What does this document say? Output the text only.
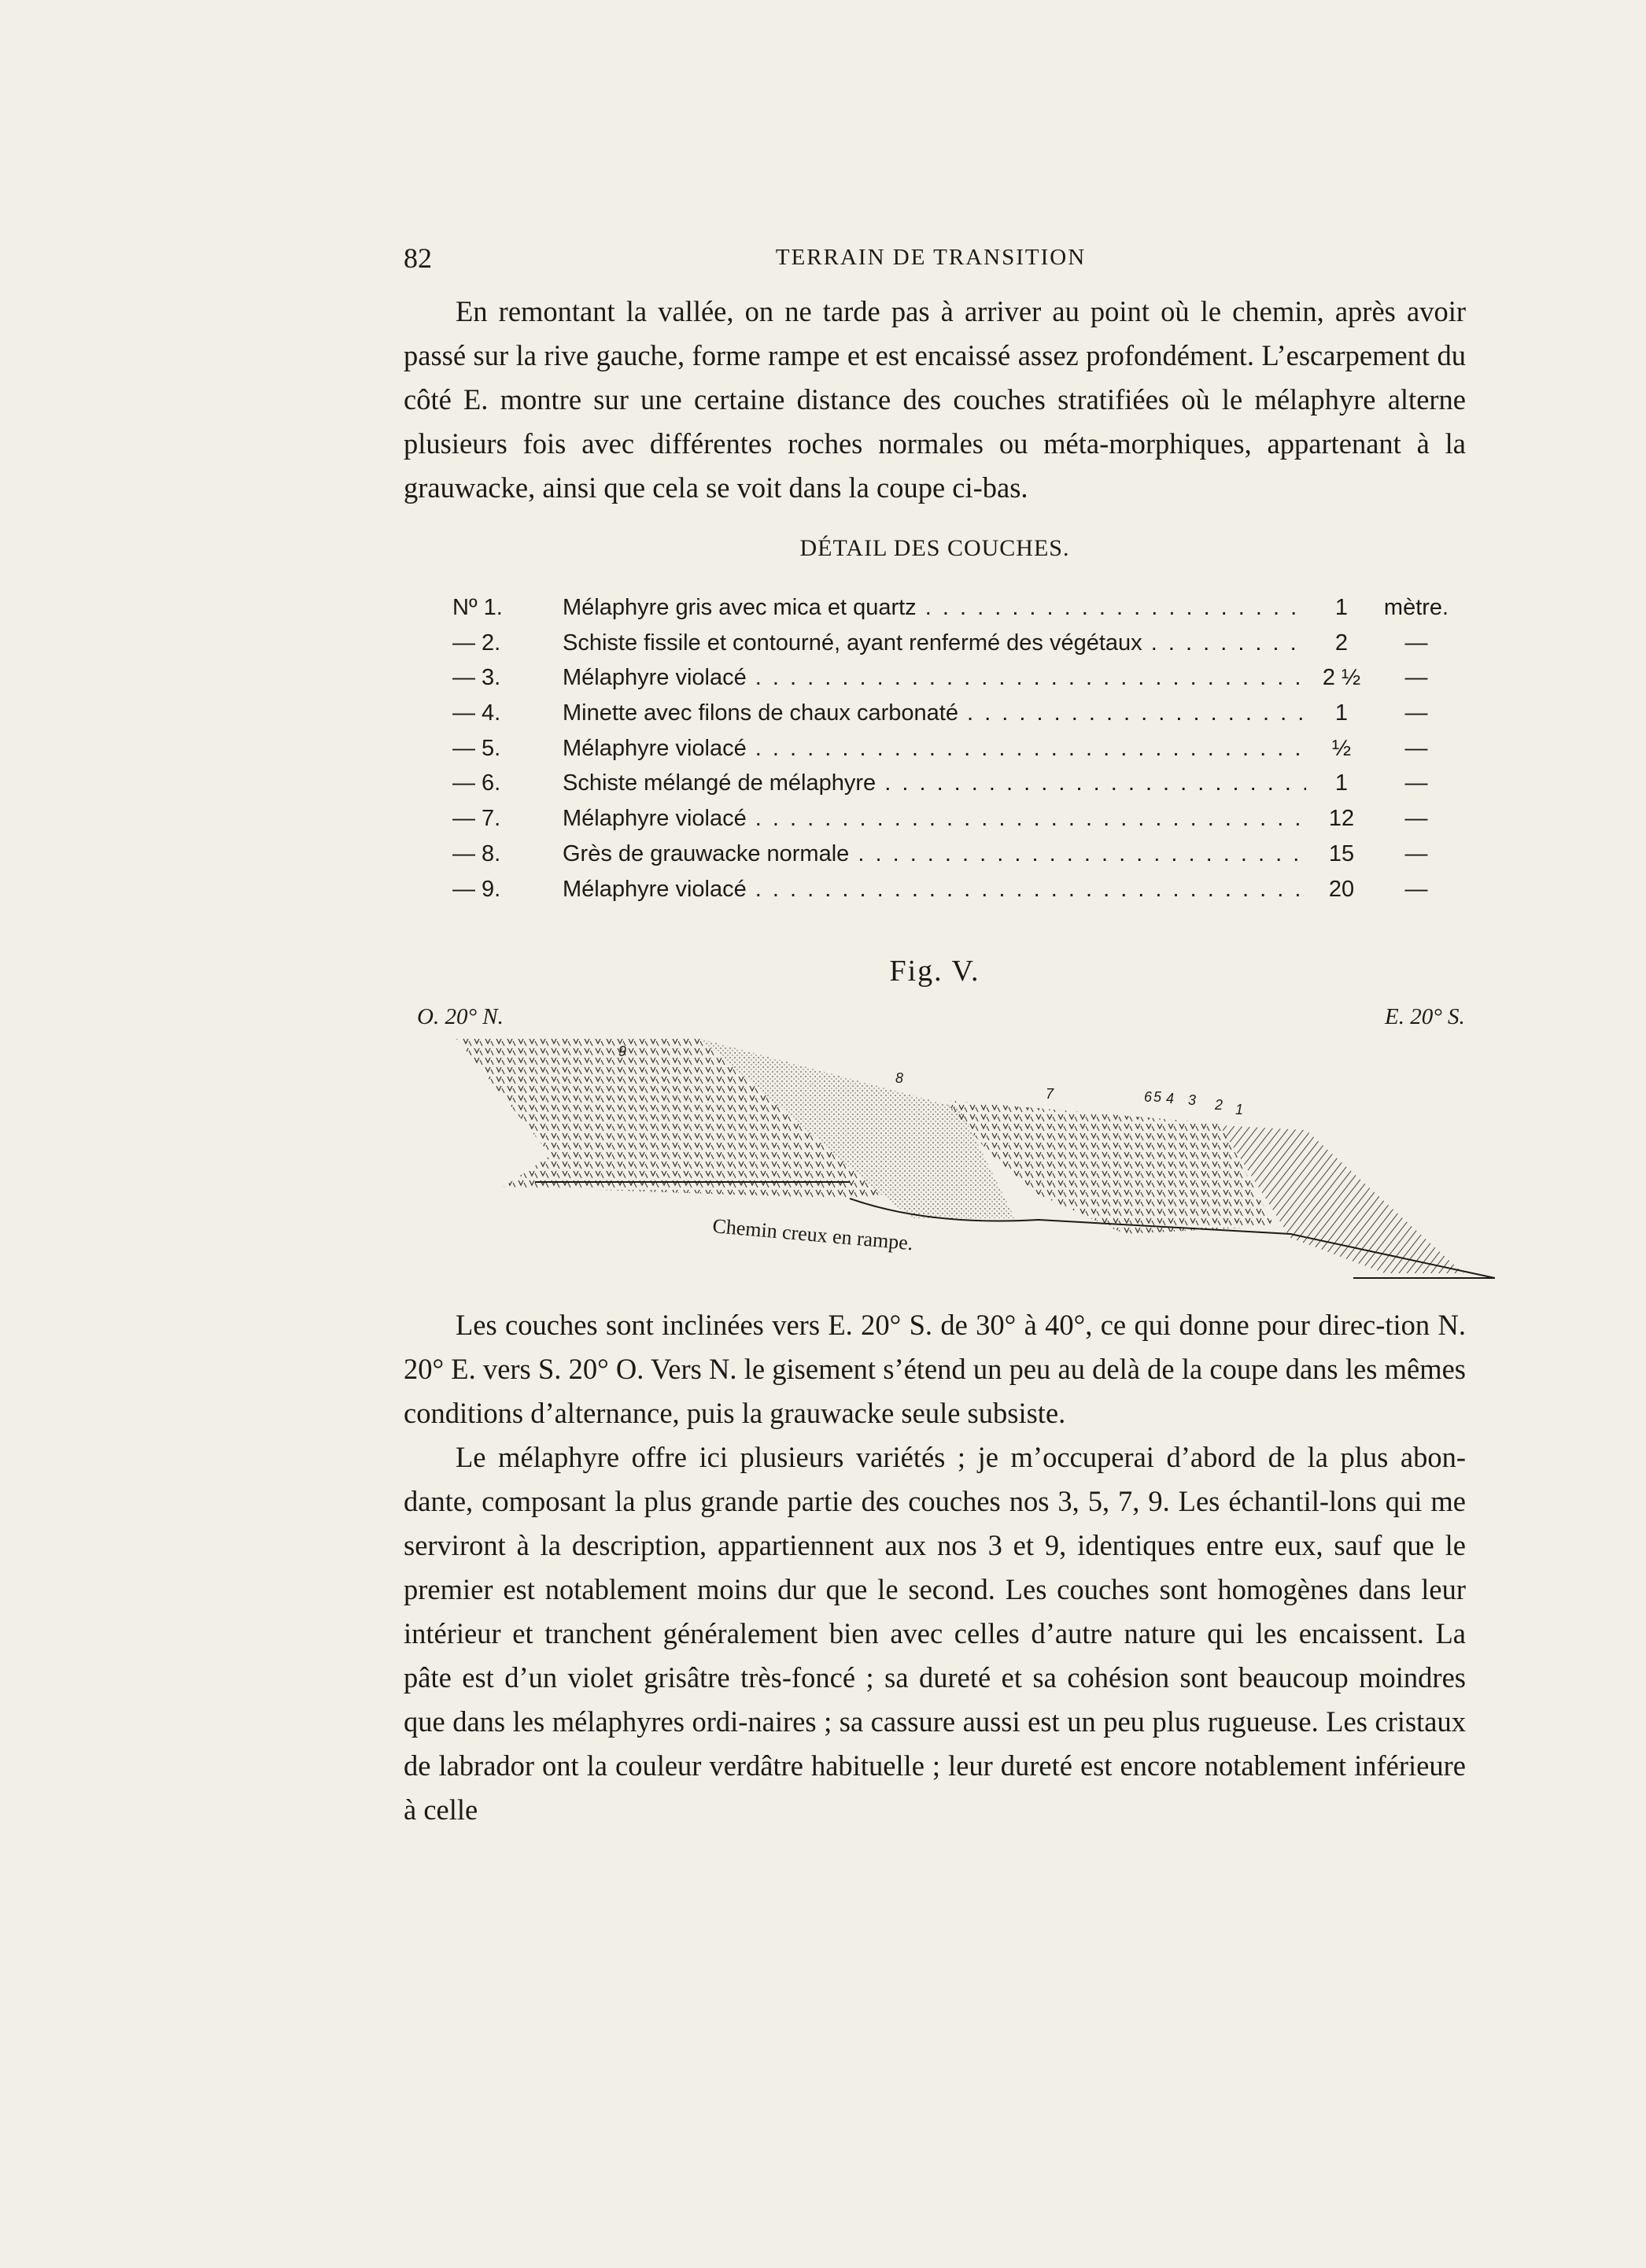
82	TERRAIN DE TRANSITION

En remontant la vallée, on ne tarde pas à arriver au point où le chemin, après avoir passé sur la rive gauche, forme rampe et est encaissé assez profondément. L’escarpement du côté E. montre sur une certaine distance des couches stratifiées où le mélaphyre alterne plusieurs fois avec différentes roches normales ou méta-morphiques, appartenant à la grauwacke, ainsi que cela se voit dans la coupe ci-bas.

DÉTAIL DES COUCHES.
Nº 1.	Mélaphyre gris avec mica et quartz . . .	1	mètre.
— 2.	Schiste fissile et contourné, ayant renfermé des végétaux . . .	2	—
— 3.	Mélaphyre violacé . . .	2 ½	—
— 4.	Minette avec filons de chaux carbonaté . . .	1	—
— 5.	Mélaphyre violacé . . .	½	—
— 6.	Schiste mélangé de mélaphyre . . .	1	—
— 7.	Mélaphyre violacé . . .	12	—
— 8.	Grès de grauwacke normale . . .	15	—
— 9.	Mélaphyre violacé . . .	20	—
Fig. V.
O. 20° N.	E. 20° S.
9
8
7	6 5 4 3 2 1
Chemin creux en rampe.

Les couches sont inclinées vers E. 20° S. de 30° à 40°, ce qui donne pour direc-tion N. 20° E. vers S. 20° O. Vers N. le gisement s’étend un peu au delà de la coupe dans les mêmes conditions d’alternance, puis la grauwacke seule subsiste.

Le mélaphyre offre ici plusieurs variétés ; je m’occuperai d’abord de la plus abon-dante, composant la plus grande partie des couches nos 3, 5, 7, 9. Les échantil-lons qui me serviront à la description, appartiennent aux nos 3 et 9, identiques entre eux, sauf que le premier est notablement moins dur que le second. Les couches sont homogènes dans leur intérieur et tranchent généralement bien avec celles d’autre nature qui les encaissent. La pâte est d’un violet grisâtre très-foncé ; sa dureté et sa cohésion sont beaucoup moindres que dans les mélaphyres ordi-naires ; sa cassure aussi est un peu plus rugueuse. Les cristaux de labrador ont la couleur verdâtre habituelle ; leur dureté est encore notablement inférieure à celle
